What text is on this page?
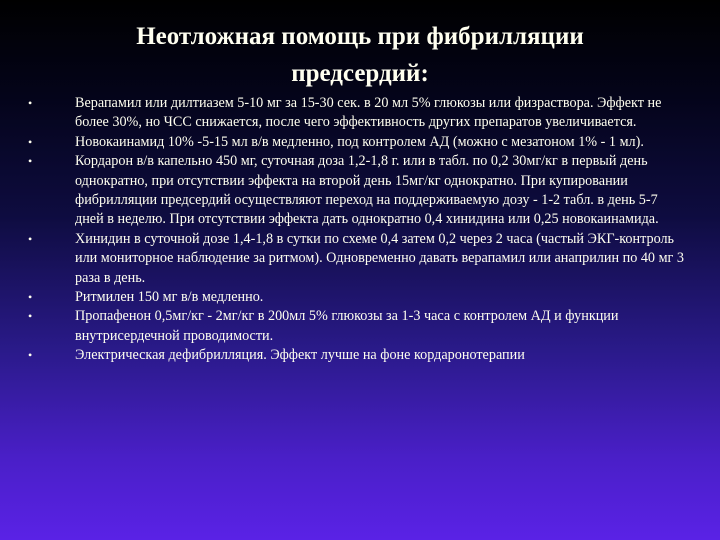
Неотложная помощь при фибрилляции
предсердий:
•	Верапамил или дилтиазем 5-10 мг за 15-30 сек. в 20 мл 5% глюкозы или физраствора. Эффект не более 30%, но ЧСС снижается, после чего эффективность других препаратов увеличивается.
•	Новокаинамид 10% -5-15 мл в/в медленно, под контролем АД (можно с мезатоном 1% - 1 мл).
•	Кордарон в/в капельно 450 мг, суточная доза 1,2-1,8 г. или в табл. по 0,2 30мг/кг в первый день однократно, при отсутствии эффекта на второй день 15мг/кг однократно. При купировании фибрилляции предсердий осуществляют переход на поддерживаемую дозу - 1-2 табл. в день 5-7 дней в неделю. При отсутствии эффекта дать однократно 0,4 хинидина или 0,25 новокаинамида.
•	Хинидин в суточной дозе 1,4-1,8 в сутки по схеме 0,4 затем 0,2 через 2 часа (частый ЭКГ-контроль или мониторное наблюдение за ритмом). Одновременно давать верапамил или анаприлин по 40 мг 3 раза в день.
•	Ритмилен 150 мг в/в медленно.
•	Пропафенон 0,5мг/кг - 2мг/кг в 200мл 5% глюкозы за 1-3 часа с контролем АД и функции внутрисердечной проводимости.
•	Электрическая дефибрилляция. Эффект лучше на фоне кордаронотерапии
